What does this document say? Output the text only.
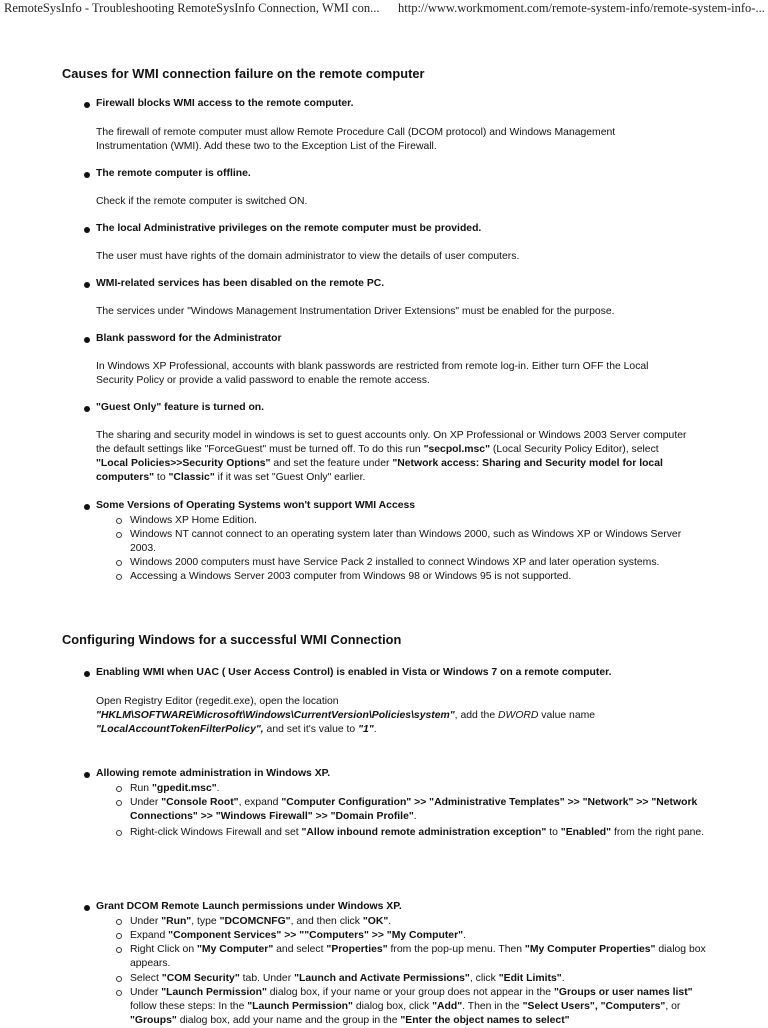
RemoteSysInfo - Troubleshooting RemoteSysInfo Connection, WMI con... http://www.workmoment.com/remote-system-info/remote-system-info-...
Causes for WMI connection failure on the remote computer
Firewall blocks WMI access to the remote computer.
The firewall of remote computer must allow Remote Procedure Call (DCOM protocol) and Windows Management Instrumentation (WMI). Add these two to the Exception List of the Firewall.
The remote computer is offline.
Check if the remote computer is switched ON.
The local Administrative privileges on the remote computer must be provided.
The user must have rights of the domain administrator to view the details of user computers.
WMI-related services has been disabled on the remote PC.
The services under "Windows Management Instrumentation Driver Extensions" must be enabled for the purpose.
Blank password for the Administrator
In Windows XP Professional, accounts with blank passwords are restricted from remote log-in. Either turn OFF the Local Security Policy or provide a valid password to enable the remote access.
"Guest Only" feature is turned on.
The sharing and security model in windows is set to guest accounts only. On XP Professional or Windows 2003 Server computer the default settings like "ForceGuest" must be turned off. To do this run "secpol.msc" (Local Security Policy Editor), select "Local Policies>>Security Options" and set the feature under "Network access: Sharing and Security model for local computers" to "Classic" if it was set "Guest Only" earlier.
Some Versions of Operating Systems won't support WMI Access
Windows XP Home Edition.
Windows NT cannot connect to an operating system later than Windows 2000, such as Windows XP or Windows Server 2003.
Windows 2000 computers must have Service Pack 2 installed to connect Windows XP and later operation systems.
Accessing a Windows Server 2003 computer from Windows 98 or Windows 95 is not supported.
Configuring Windows for a successful WMI Connection
Enabling WMI when UAC ( User Access Control) is enabled in Vista or Windows 7 on a remote computer.
Open Registry Editor (regedit.exe), open the location "HKLM\SOFTWARE\Microsoft\Windows\CurrentVersion\Policies\system", add the DWORD value name "LocalAccountTokenFilterPolicy", and set it's value to "1".
Allowing remote administration in Windows XP.
Run "gpedit.msc".
Under "Console Root", expand "Computer Configuration" >> "Administrative Templates" >> "Network" >> "Network Connections" >> "Windows Firewall" >> "Domain Profile".
Right-click Windows Firewall and set "Allow inbound remote administration exception" to "Enabled" from the right pane.
Grant DCOM Remote Launch permissions under Windows XP.
Under "Run", type "DCOMCNFG", and then click "OK".
Expand "Component Services" >> ""Computers" >> "My Computer".
Right Click on "My Computer" and select "Properties" from the pop-up menu. Then "My Computer Properties" dialog box appears.
Select "COM Security" tab. Under "Launch and Activate Permissions", click "Edit Limits".
Under "Launch Permission" dialog box, if your name or your group does not appear in the "Groups or user names list" follow these steps: In the "Launch Permission" dialog box, click "Add". Then in the "Select Users", "Computers", or "Groups" dialog box, add your name and the group in the "Enter the object names to select"
